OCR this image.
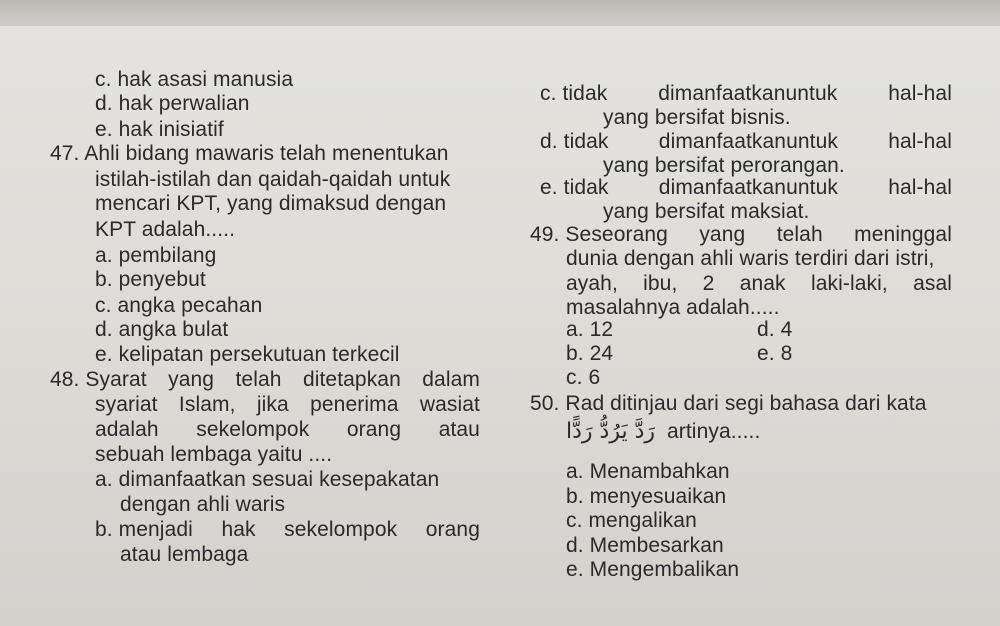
c. hak asasi manusia
d. hak perwalian
e. hak inisiatif
47. Ahli bidang mawaris telah menentukan
istilah-istilah dan qaidah-qaidah untuk
mencari KPT, yang dimaksud dengan
KPT adalah.....
a. pembilang
b. penyebut
c. angka pecahan
d. angka bulat
e. kelipatan persekutuan terkecil
48. Syarat yang telah ditetapkan dalam
syariat Islam, jika penerima wasiat
adalah sekelompok orang atau
sebuah lembaga yaitu ....
a. dimanfaatkan sesuai kesepakatan
dengan ahli waris
b. menjadi hak sekelompok orang
atau lembaga
c. tidak dimanfaatkanuntuk hal-hal
yang bersifat bisnis.
d. tidak dimanfaatkanuntuk hal-hal
yang bersifat perorangan.
e. tidak dimanfaatkanuntuk hal-hal
yang bersifat maksiat.
49. Seseorang yang telah meninggal
dunia dengan ahli waris terdiri dari istri,
ayah, ibu, 2 anak laki-laki, asal
masalahnya adalah.....
a. 12	d. 4
b. 24	e. 8
c. 6
50. Rad ditinjau dari segi bahasa dari kata
رَدَّ يَرُدُّ رَدًّا artinya.....
a. Menambahkan
b. menyesuaikan
c. mengalikan
d. Membesarkan
e. Mengembalikan
